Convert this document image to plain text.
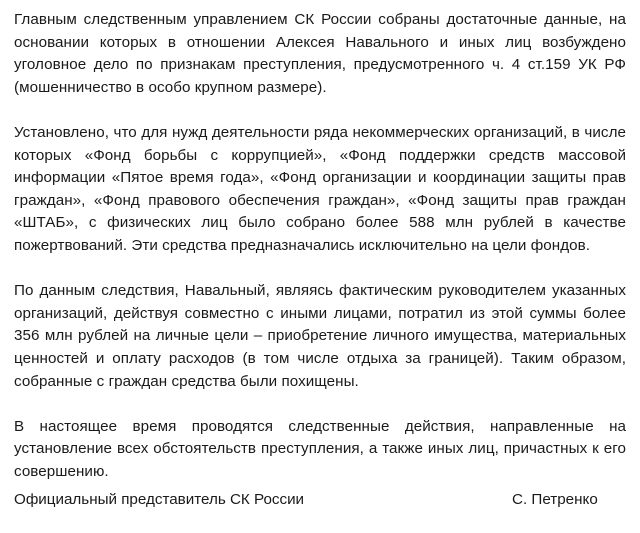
Главным следственным управлением СК России собраны достаточные данные, на основании которых в отношении Алексея Навального и иных лиц возбуждено уголовное дело по признакам преступления, предусмотренного ч. 4 ст.159 УК РФ (мошенничество в особо крупном размере).

Установлено, что для нужд деятельности ряда некоммерческих организаций, в числе которых «Фонд борьбы с коррупцией», «Фонд поддержки средств массовой информации «Пятое время года», «Фонд организации и координации защиты прав граждан», «Фонд правового обеспечения граждан», «Фонд защиты прав граждан «ШТАБ», с физических лиц было собрано более 588 млн рублей в качестве пожертвований. Эти средства предназначались исключительно на цели фондов.

По данным следствия, Навальный, являясь фактическим руководителем указанных организаций, действуя совместно с иными лицами, потратил из этой суммы более 356 млн рублей на личные цели – приобретение личного имущества, материальных ценностей и оплату расходов (в том числе отдыха за границей). Таким образом, собранные с граждан средства были похищены.

В настоящее время проводятся следственные действия, направленные на установление всех обстоятельств преступления, а также иных лиц, причастных к его совершению.

Официальный представитель СК России	С. Петренко
